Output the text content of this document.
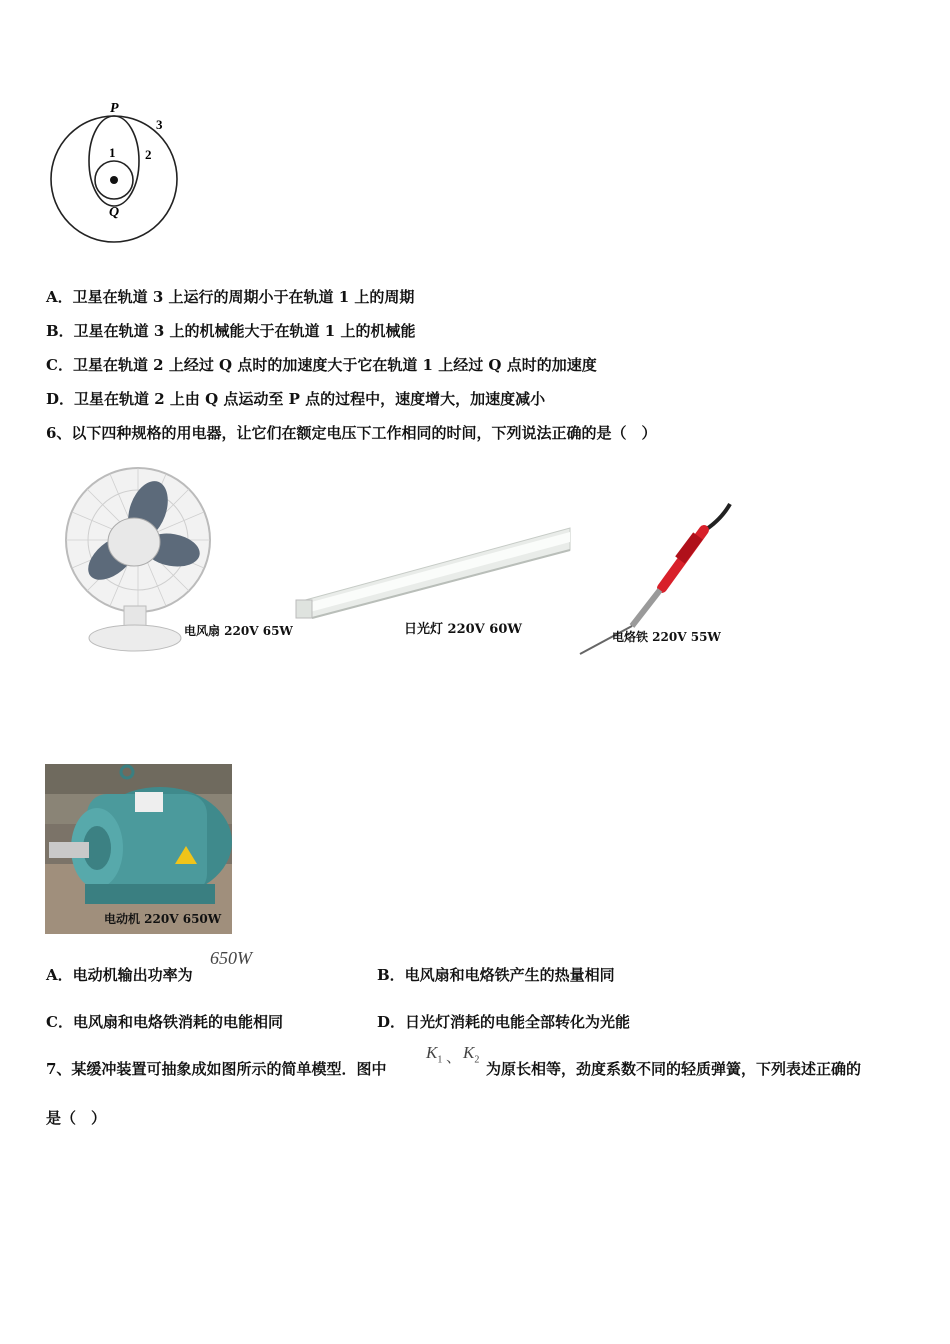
P
Q
1 2
3
A．卫星在轨道 3 上运行的周期小于在轨道 1 上的周期
B．卫星在轨道 3 上的机械能大于在轨道 1 上的机械能
C．卫星在轨道 2 上经过 Q 点时的加速度大于它在轨道 1 上经过 Q 点时的加速度
D．卫星在轨道 2 上由 Q 点运动至 P 点的过程中，速度增大，加速度减小
6、以下四种规格的用电器，让它们在额定电压下工作相同的时间，下列说法正确的是（　）
电风扇 220V 65W	日光灯 220V 60W	电烙铁 220V 55W
电动机 220V 650W
A．电动机输出功率为
650W
B．电风扇和电烙铁产生的热量相同
C．电风扇和电烙铁消耗的电能相同	D．日光灯消耗的电能全部转化为光能
7、某缓冲装置可抽象成如图所示的简单模型．图中
$K_1$ 、 $K_2$
为原长相等，劲度系数不同的轻质弹簧，下列表述正确的
是（　）
